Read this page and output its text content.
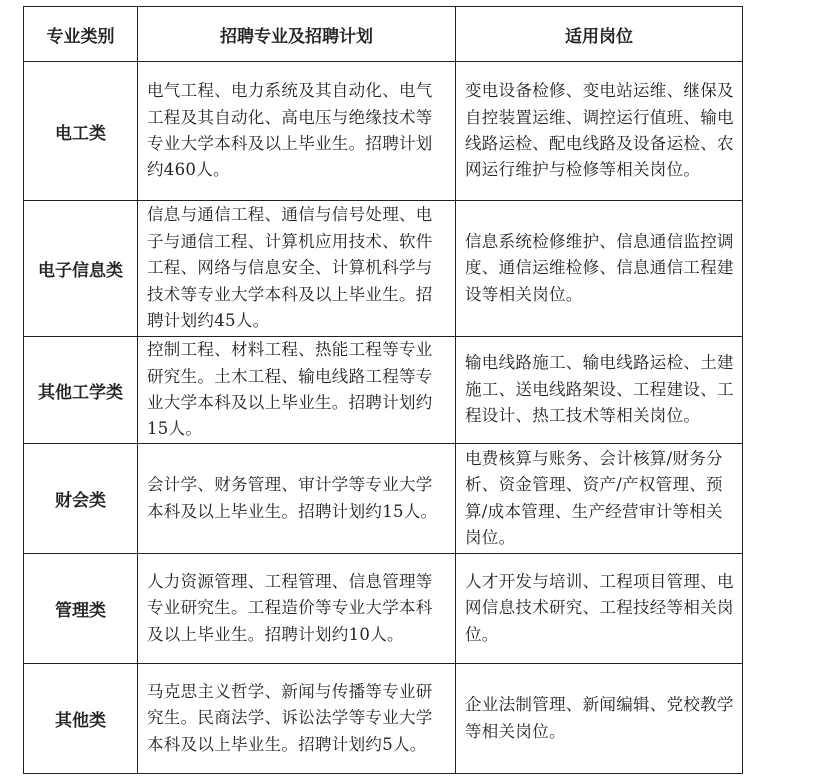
专业类别	招聘专业及招聘计划	适用岗位
电工类	电气工程、电力系统及其自动化、电气工程及其自动化、高电压与绝缘技术等专业大学本科及以上毕业生。招聘计划约460人。	变电设备检修、变电站运维、继保及自控装置运维、调控运行值班、输电线路运检、配电线路及设备运检、农网运行维护与检修等相关岗位。
电子信息类	信息与通信工程、通信与信号处理、电子与通信工程、计算机应用技术、软件工程、网络与信息安全、计算机科学与技术等专业大学本科及以上毕业生。招聘计划约45人。	信息系统检修维护、信息通信监控调度、通信运维检修、信息通信工程建设等相关岗位。
其他工学类	控制工程、材料工程、热能工程等专业研究生。土木工程、输电线路工程等专业大学本科及以上毕业生。招聘计划约15人。	输电线路施工、输电线路运检、土建施工、送电线路架设、工程建设、工程设计、热工技术等相关岗位。
财会类	会计学、财务管理、审计学等专业大学本科及以上毕业生。招聘计划约15人。	电费核算与账务、会计核算/财务分析、资金管理、资产/产权管理、预算/成本管理、生产经营审计等相关岗位。
管理类	人力资源管理、工程管理、信息管理等专业研究生。工程造价等专业大学本科及以上毕业生。招聘计划约10人。	人才开发与培训、工程项目管理、电网信息技术研究、工程技经等相关岗位。
其他类	马克思主义哲学、新闻与传播等专业研究生。民商法学、诉讼法学等专业大学本科及以上毕业生。招聘计划约5人。	企业法制管理、新闻编辑、党校教学等相关岗位。
